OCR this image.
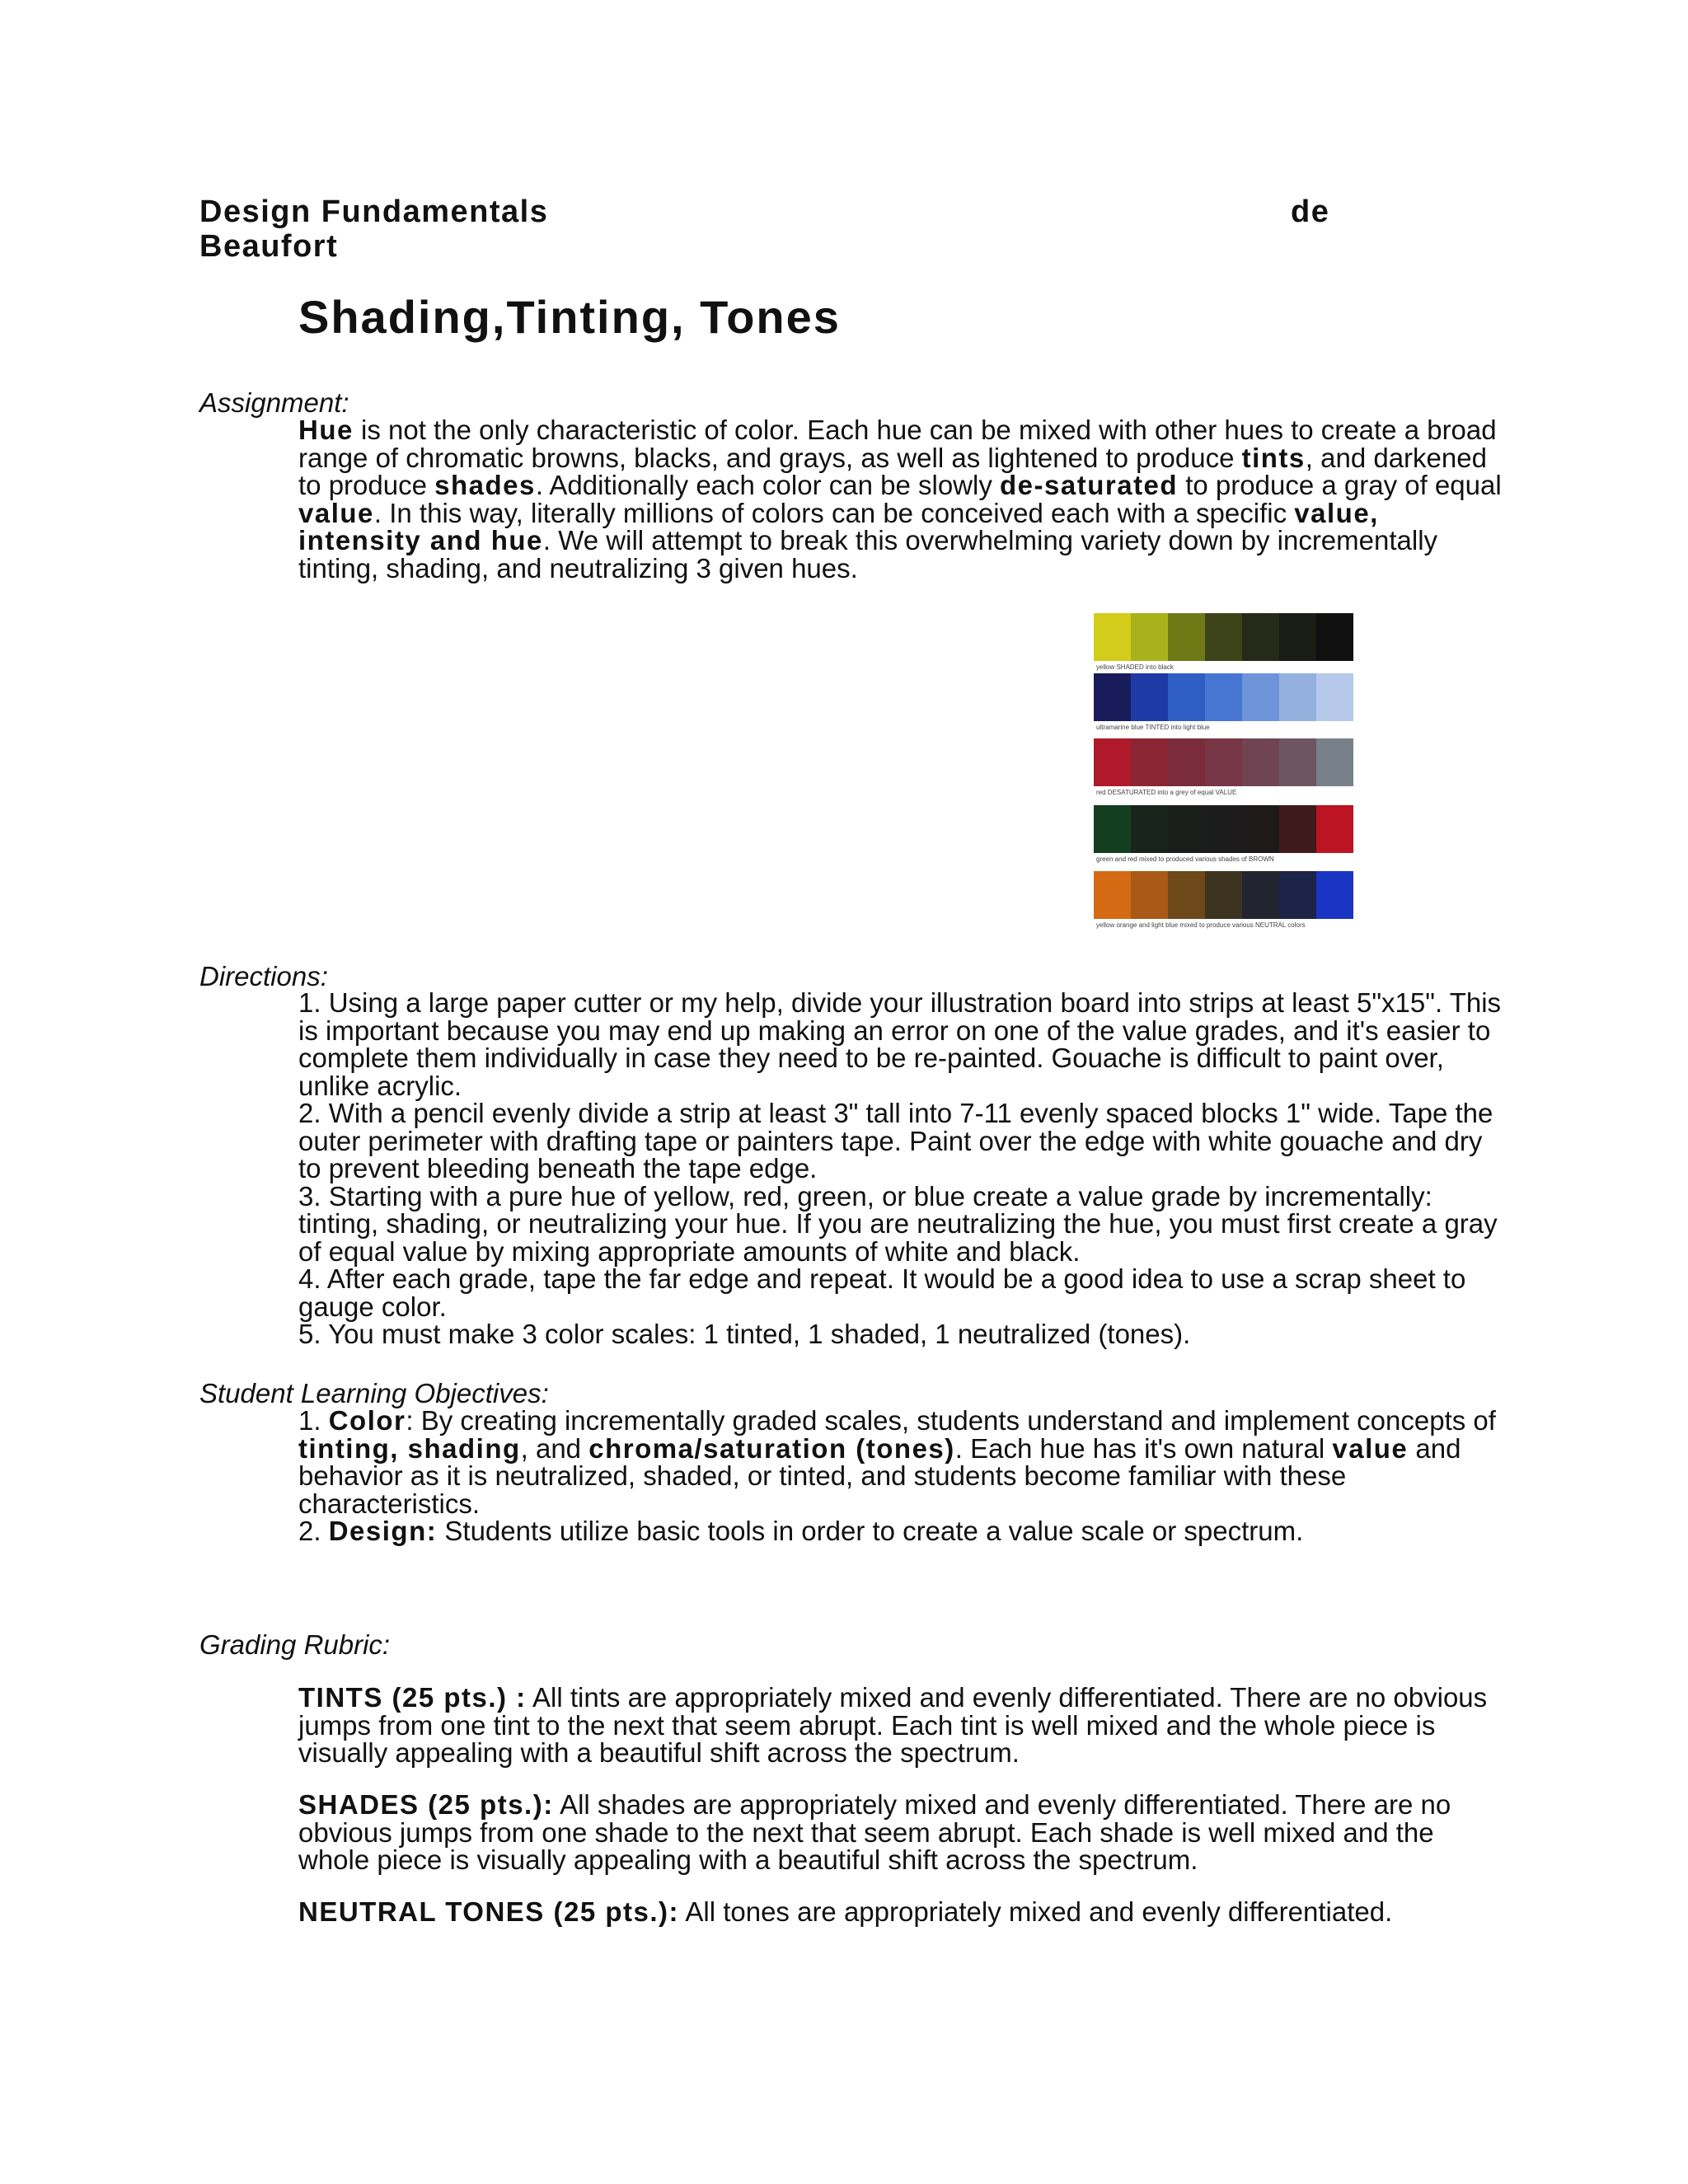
Design Fundamentals	de
Beaufort
Shading,Tinting, Tones
Assignment:

Hue is not the only characteristic of color. Each hue can be mixed with other hues to create a broad range of chromatic browns, blacks, and grays, as well as lightened to produce tints, and darkened to produce shades. Additionally each color can be slowly de-saturated to produce a gray of equal value. In this way, literally millions of colors can be conceived each with a specific value, intensity and hue. We will attempt to break this overwhelming variety down by incrementally tinting, shading, and neutralizing 3 given hues.

yellow SHADED into black
ultramarine blue TINTED into light blue
red DESATURATED into a grey of equal VALUE
green and red mixed to produced various shades of BROWN
yellow orange and light blue mixed to produce various NEUTRAL colors
Directions:

1. Using a large paper cutter or my help, divide your illustration board into strips at least 5"x15". This is important because you may end up making an error on one of the value grades, and it's easier to complete them individually in case they need to be re-painted. Gouache is difficult to paint over, unlike acrylic.

2. With a pencil evenly divide a strip at least 3" tall into 7-11 evenly spaced blocks 1" wide. Tape the outer perimeter with drafting tape or painters tape. Paint over the edge with white gouache and dry to prevent bleeding beneath the tape edge.

3. Starting with a pure hue of yellow, red, green, or blue create a value grade by incrementally: tinting, shading, or neutralizing your hue. If you are neutralizing the hue, you must first create a gray of equal value by mixing appropriate amounts of white and black.

4. After each grade, tape the far edge and repeat. It would be a good idea to use a scrap sheet to gauge color.

5. You must make 3 color scales: 1 tinted, 1 shaded, 1 neutralized (tones).

Student Learning Objectives:

1. Color: By creating incrementally graded scales, students understand and implement concepts of tinting, shading, and chroma/saturation (tones). Each hue has it's own natural value and behavior as it is neutralized, shaded, or tinted, and students become familiar with these characteristics.

2. Design: Students utilize basic tools in order to create a value scale or spectrum.

Grading Rubric:

TINTS (25 pts.) : All tints are appropriately mixed and evenly differentiated. There are no obvious jumps from one tint to the next that seem abrupt. Each tint is well mixed and the whole piece is visually appealing with a beautiful shift across the spectrum.

SHADES (25 pts.): All shades are appropriately mixed and evenly differentiated. There are no obvious jumps from one shade to the next that seem abrupt. Each shade is well mixed and the whole piece is visually appealing with a beautiful shift across the spectrum.

NEUTRAL TONES (25 pts.): All tones are appropriately mixed and evenly differentiated.
